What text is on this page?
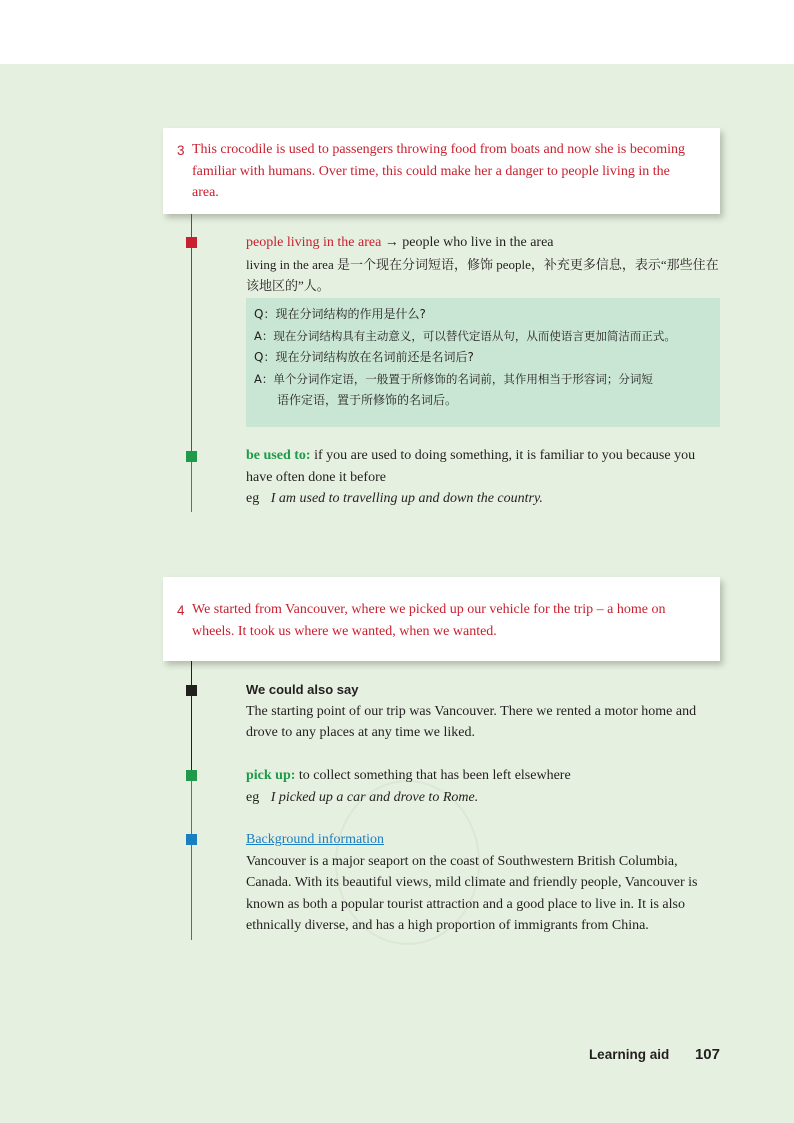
3 This crocodile is used to passengers throwing food from boats and now she is becoming familiar with humans. Over time, this could make her a danger to people living in the area.
people living in the area → people who live in the area
living in the area 是一个现在分词短语，修饰 people，补充更多信息，表示“那些住在该地区的”人。
Q：现在分词结构的作用是什么?
A：现在分词结构具有主动意义，可以替代定语从句，从而使语言更加简洁而正式。
Q：现在分词结构放在名词前还是名词后?
A：单个分词作定语，一般置于所修饰的名词前，其作用相当于形容词；分词短
语作定语，置于所修饰的名词后。
be used to: if you are used to doing something, it is familiar to you because you have often done it before
eg I am used to travelling up and down the country.
4 We started from Vancouver, where we picked up our vehicle for the trip – a home on wheels. It took us where we wanted, when we wanted.
We could also say
The starting point of our trip was Vancouver. There we rented a motor home and drove to any places at any time we liked.
pick up: to collect something that has been left elsewhere
eg I picked up a car and drove to Rome.
Background information
Vancouver is a major seaport on the coast of Southwestern British Columbia, Canada. With its beautiful views, mild climate and friendly people, Vancouver is known as both a popular tourist attraction and a good place to live in. It is also ethnically diverse, and has a high proportion of immigrants from China.
Learning aid 107
